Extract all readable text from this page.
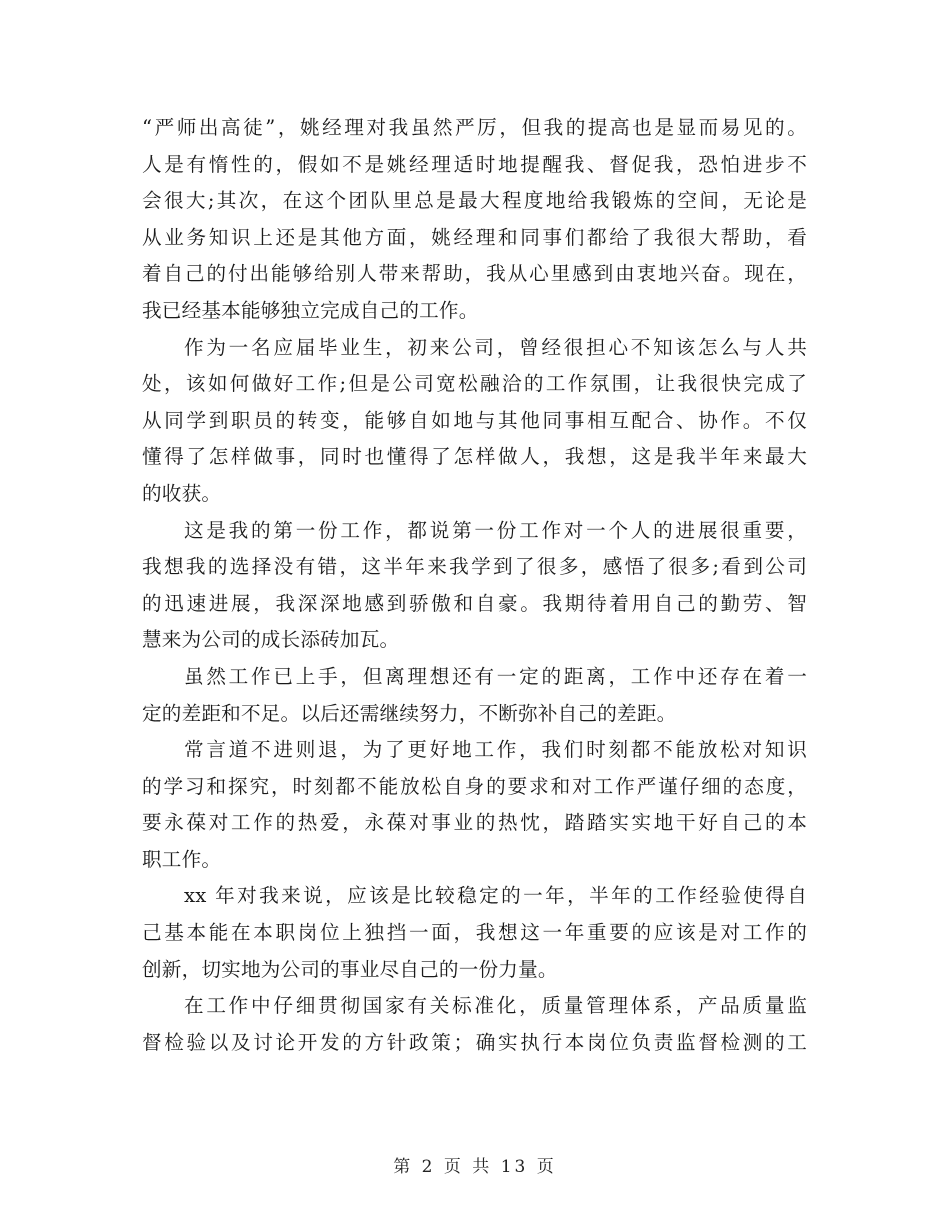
“严师出高徒”，姚经理对我虽然严厉，但我的提高也是显而易见的。
人是有惰性的，假如不是姚经理适时地提醒我、督促我，恐怕进步不
会很大;其次，在这个团队里总是最大程度地给我锻炼的空间，无论是
从业务知识上还是其他方面，姚经理和同事们都给了我很大帮助，看
着自己的付出能够给别人带来帮助，我从心里感到由衷地兴奋。现在，
我已经基本能够独立完成自己的工作。
作为一名应届毕业生，初来公司，曾经很担心不知该怎么与人共
处，该如何做好工作;但是公司宽松融洽的工作氛围，让我很快完成了
从同学到职员的转变，能够自如地与其他同事相互配合、协作。不仅
懂得了怎样做事，同时也懂得了怎样做人，我想，这是我半年来最大
的收获。
这是我的第一份工作，都说第一份工作对一个人的进展很重要，
我想我的选择没有错，这半年来我学到了很多，感悟了很多;看到公司
的迅速进展，我深深地感到骄傲和自豪。我期待着用自己的勤劳、智
慧来为公司的成长添砖加瓦。
虽然工作已上手，但离理想还有一定的距离，工作中还存在着一
定的差距和不足。以后还需继续努力，不断弥补自己的差距。
常言道不进则退，为了更好地工作，我们时刻都不能放松对知识
的学习和探究，时刻都不能放松自身的要求和对工作严谨仔细的态度，
要永葆对工作的热爱，永葆对事业的热忱，踏踏实实地干好自己的本
职工作。
xx 年对我来说，应该是比较稳定的一年，半年的工作经验使得自
己基本能在本职岗位上独挡一面，我想这一年重要的应该是对工作的
创新，切实地为公司的事业尽自己的一份力量。
在工作中仔细贯彻国家有关标准化，质量管理体系，产品质量监
督检验以及讨论开发的方针政策；确实执行本岗位负责监督检测的工
第 2 页 共 13 页
